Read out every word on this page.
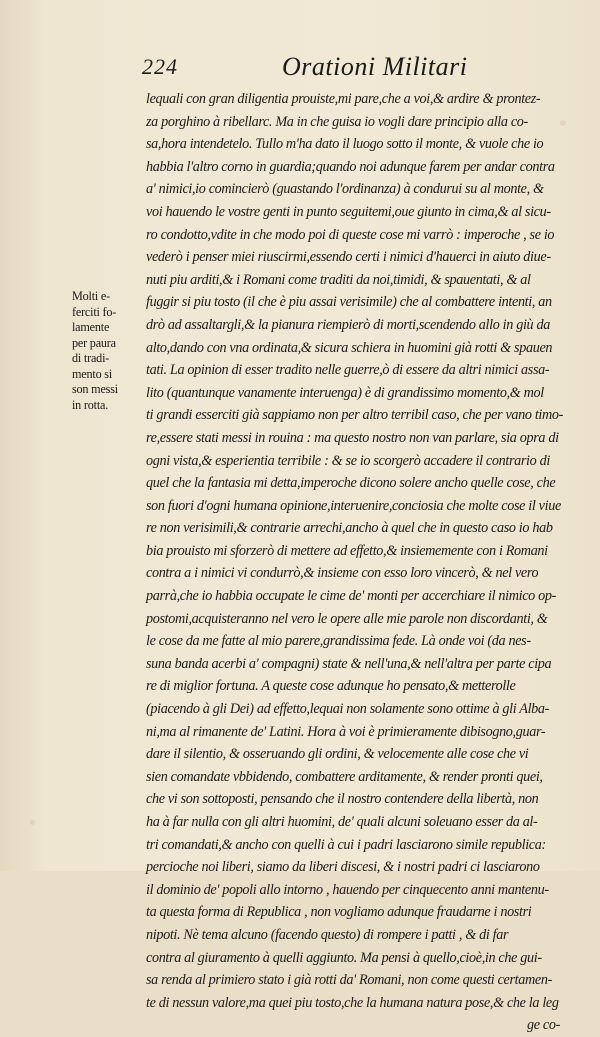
224	Orationi Militari
Molti e-
ferciti fo-
lamente
per paura
di tradi-
mento si
son messi
in rotta.
lequali con gran diligentia prouiste,mi pare,che a voi,& ardire & prontez-
za porghino à ribellarc. Ma in che guisa io vogli dare principio alla co-
sa,hora intendetelo. Tullo m'ha dato il luogo sotto il monte, & vuole che io
habbia l'altro corno in guardia;quando noi adunque farem per andar contra
a' nimici,io comincierò (guastando l'ordinanza) à condurui su al monte, &
voi hauendo le vostre genti in punto seguitemi,oue giunto in cima,& al sicu-
ro condotto,vdite in che modo poi di queste cose mi varrò : imperoche , se io
vederò i penser miei riuscirmi,essendo certi i nimici d'hauerci in aiuto diue-
nuti piu arditi,& i Romani come traditi da noi,timidi, & spauentati, & al
fuggir si piu tosto (il che è piu assai verisimile) che al combattere intenti, an
drò ad assaltargli,& la pianura riempierò di morti,scendendo allo in giù da
alto,dando con vna ordinata,& sicura schiera in huomini già rotti & spauen
tati. La opinion di esser tradito nelle guerre,ò di essere da altri nimici assa-
lito (quantunque vanamente interuenga) è di grandissimo momento,& mol
ti grandi esserciti già sappiamo non per altro terribil caso, che per vano timo-
re,essere stati messi in rouina : ma questo nostro non van parlare, sia opra di
ogni vista,& esperientia terribile : & se io scorgerò accadere il contrario di
quel che la fantasia mi detta,imperoche dicono solere ancho quelle cose, che
son fuori d'ogni humana opinione,interuenire,conciosia che molte cose il viue
re non verisimili,& contrarie arrechi,ancho à quel che in questo caso io hab
bia prouisto mi sforzerò di mettere ad effetto,& insiememente con i Romani
contra a i nimici vi condurrò,& insieme con esso loro vincerò, & nel vero
parrà,che io habbia occupate le cime de' monti per accerchiare il nimico op-
postomi,acquisteranno nel vero le opere alle mie parole non discordanti, &
le cose da me fatte al mio parere,grandissima fede. Là onde voi (da nes-
suna banda acerbi a' compagni) state & nell'una,& nell'altra per parte cipa
re di miglior fortuna. A queste cose adunque ho pensato,& metterolle
(piacendo à gli Dei) ad effetto,lequai non solamente sono ottime à gli Alba-
ni,ma al rimanente de' Latini. Hora à voi è primieramente dibisogno,guar-
dare il silentio, & osseruando gli ordini, & velocemente alle cose che vi
sien comandate vbbidendo, combattere arditamente, & render pronti quei,
che vi son sottoposti, pensando che il nostro contendere della libertà, non
ha à far nulla con gli altri huomini, de' quali alcuni soleuano esser da al-
tri comandati,& ancho con quelli à cui i padri lasciarono simile republica:
percioche noi liberi, siamo da liberi discesi, & i nostri padri ci lasciarono
il dominio de' popoli allo intorno , hauendo per cinquecento anni mantenu-
ta questa forma di Republica , non vogliamo adunque fraudarne i nostri
nipoti. Nè tema alcuno (facendo questo) di rompere i patti , & di far
contra al giuramento à quelli aggiunto. Ma pensi à quello,cioè,in che gui-
sa renda al primiero stato i già rotti da' Romani, non come questi certamen-
te di nessun valore,ma quei piu tosto,che la humana natura pose,& che la leg
ge co-
